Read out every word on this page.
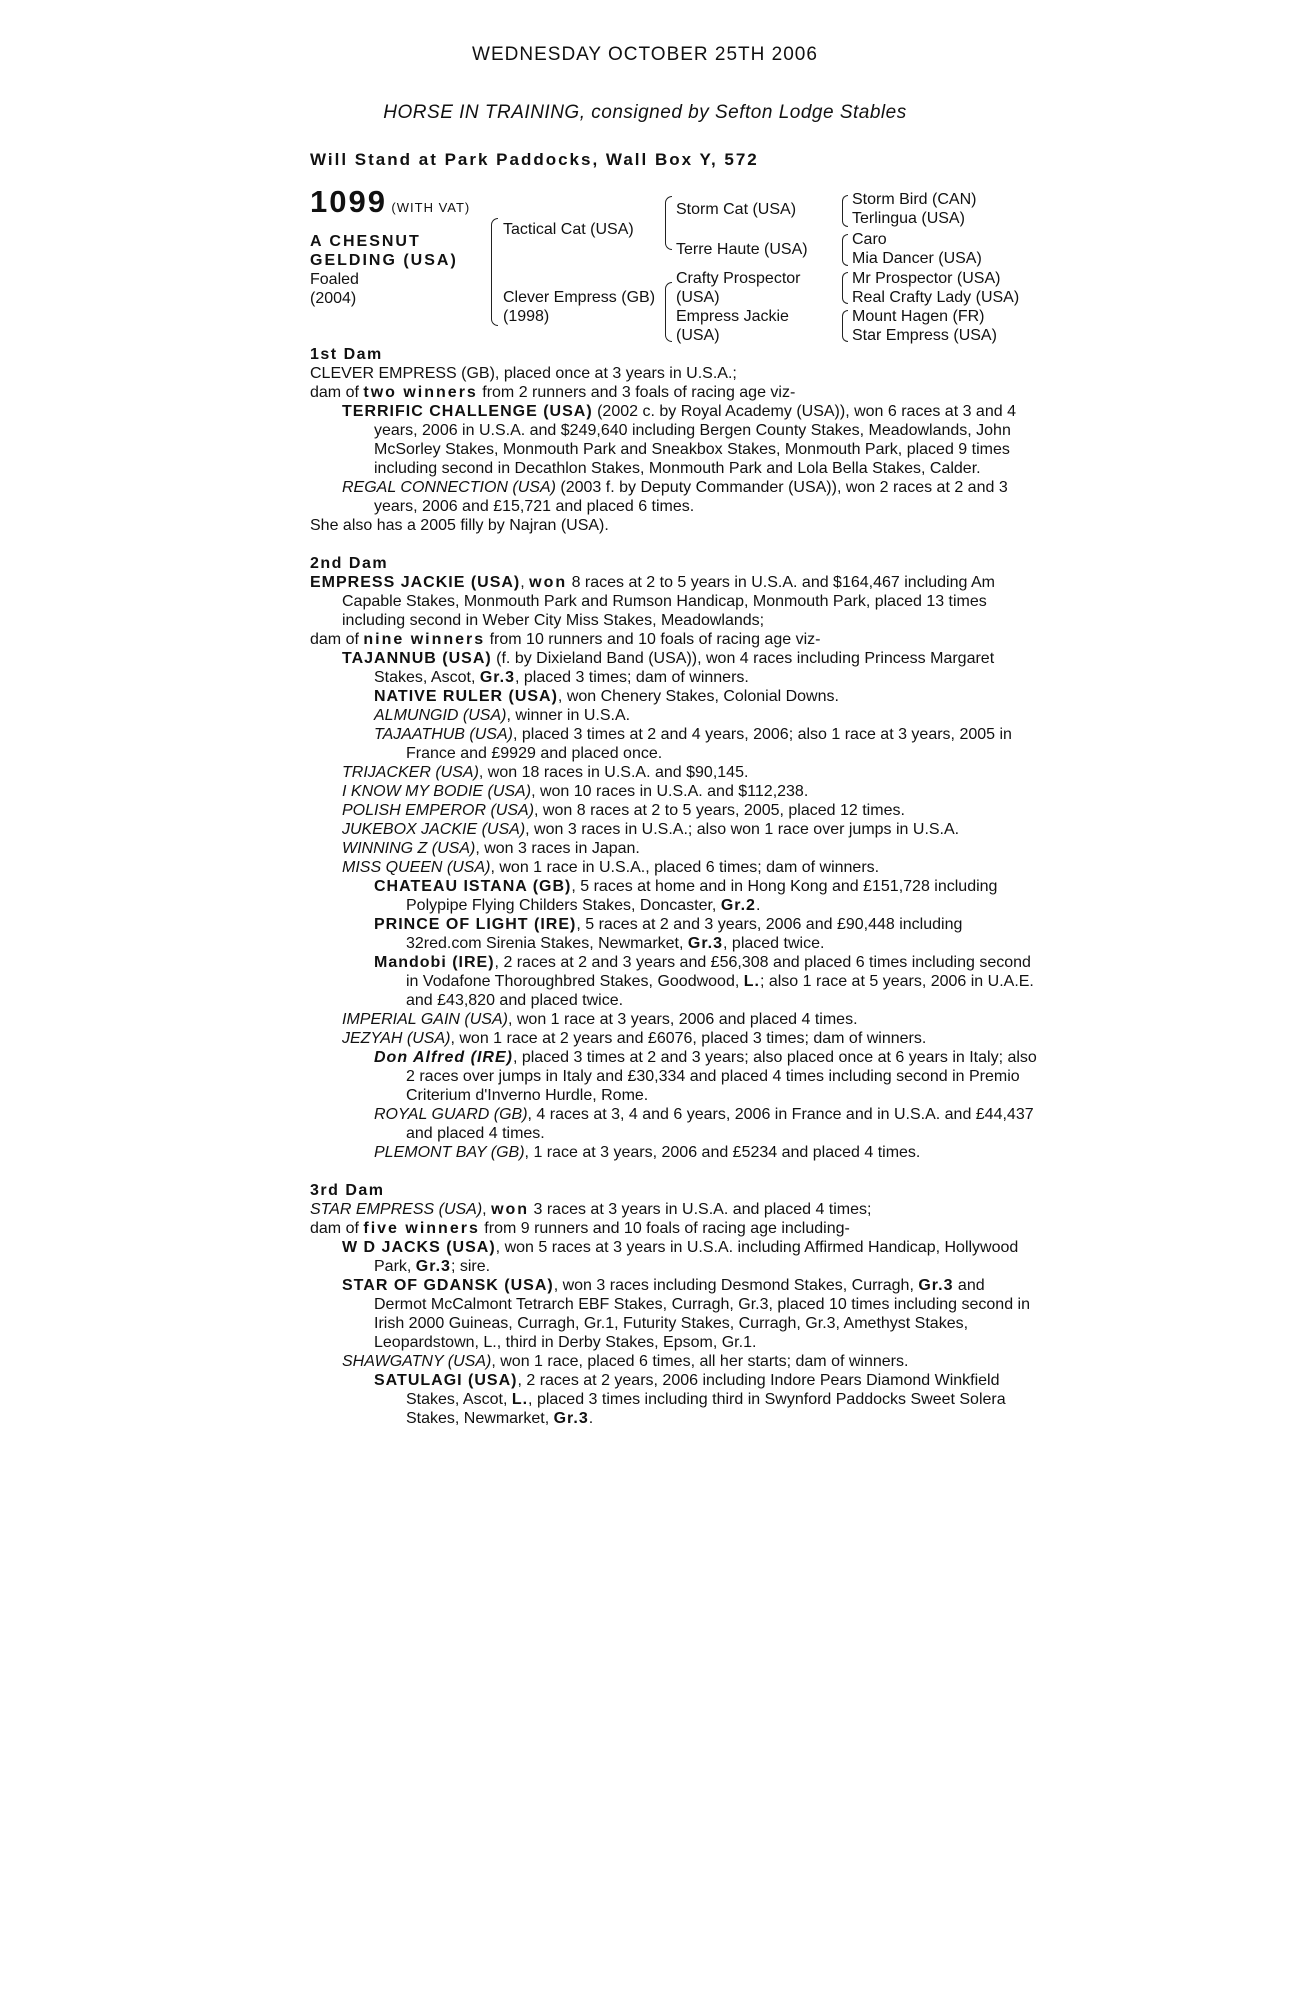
WEDNESDAY OCTOBER 25TH 2006
HORSE IN TRAINING, consigned by Sefton Lodge Stables
Will Stand at Park Paddocks, Wall Box Y, 572
1099 (WITH VAT)
A CHESNUT
GELDING (USA)
Foaled
(2004)
Tactical Cat (USA)
Clever Empress (GB)
(1998)
Storm Cat (USA)
Terre Haute (USA)
Crafty Prospector
(USA)
Empress Jackie
(USA)
Storm Bird (CAN)
Terlingua (USA)
Caro
Mia Dancer (USA)
Mr Prospector (USA)
Real Crafty Lady (USA)
Mount Hagen (FR)
Star Empress (USA)

1st Dam

CLEVER EMPRESS (GB), placed once at 3 years in U.S.A.;

dam of two winners from 2 runners and 3 foals of racing age viz-

TERRIFIC CHALLENGE (USA) (2002 c. by Royal Academy (USA)), won 6 races at 3 and 4 years, 2006 in U.S.A. and $249,640 including Bergen County Stakes, Meadowlands, John McSorley Stakes, Monmouth Park and Sneakbox Stakes, Monmouth Park, placed 9 times including second in Decathlon Stakes, Monmouth Park and Lola Bella Stakes, Calder.

REGAL CONNECTION (USA) (2003 f. by Deputy Commander (USA)), won 2 races at 2 and 3 years, 2006 and £15,721 and placed 6 times.

She also has a 2005 filly by Najran (USA).

2nd Dam

EMPRESS JACKIE (USA), won 8 races at 2 to 5 years in U.S.A. and $164,467 including Am Capable Stakes, Monmouth Park and Rumson Handicap, Monmouth Park, placed 13 times including second in Weber City Miss Stakes, Meadowlands;

dam of nine winners from 10 runners and 10 foals of racing age viz-

TAJANNUB (USA) (f. by Dixieland Band (USA)), won 4 races including Princess Margaret Stakes, Ascot, Gr.3, placed 3 times; dam of winners.

NATIVE RULER (USA), won Chenery Stakes, Colonial Downs.

ALMUNGID (USA), winner in U.S.A.

TAJAATHUB (USA), placed 3 times at 2 and 4 years, 2006; also 1 race at 3 years, 2005 in France and £9929 and placed once.

TRIJACKER (USA), won 18 races in U.S.A. and $90,145.

I KNOW MY BODIE (USA), won 10 races in U.S.A. and $112,238.

POLISH EMPEROR (USA), won 8 races at 2 to 5 years, 2005, placed 12 times.

JUKEBOX JACKIE (USA), won 3 races in U.S.A.; also won 1 race over jumps in U.S.A.

WINNING Z (USA), won 3 races in Japan.

MISS QUEEN (USA), won 1 race in U.S.A., placed 6 times; dam of winners.

CHATEAU ISTANA (GB), 5 races at home and in Hong Kong and £151,728 including Polypipe Flying Childers Stakes, Doncaster, Gr.2.

PRINCE OF LIGHT (IRE), 5 races at 2 and 3 years, 2006 and £90,448 including 32red.com Sirenia Stakes, Newmarket, Gr.3, placed twice.

Mandobi (IRE), 2 races at 2 and 3 years and £56,308 and placed 6 times including second in Vodafone Thoroughbred Stakes, Goodwood, L.; also 1 race at 5 years, 2006 in U.A.E. and £43,820 and placed twice.

IMPERIAL GAIN (USA), won 1 race at 3 years, 2006 and placed 4 times.

JEZYAH (USA), won 1 race at 2 years and £6076, placed 3 times; dam of winners.

Don Alfred (IRE), placed 3 times at 2 and 3 years; also placed once at 6 years in Italy; also 2 races over jumps in Italy and £30,334 and placed 4 times including second in Premio Criterium d'Inverno Hurdle, Rome.

ROYAL GUARD (GB), 4 races at 3, 4 and 6 years, 2006 in France and in U.S.A. and £44,437 and placed 4 times.

PLEMONT BAY (GB), 1 race at 3 years, 2006 and £5234 and placed 4 times.

3rd Dam

STAR EMPRESS (USA), won 3 races at 3 years in U.S.A. and placed 4 times;

dam of five winners from 9 runners and 10 foals of racing age including-

W D JACKS (USA), won 5 races at 3 years in U.S.A. including Affirmed Handicap, Hollywood Park, Gr.3; sire.

STAR OF GDANSK (USA), won 3 races including Desmond Stakes, Curragh, Gr.3 and Dermot McCalmont Tetrarch EBF Stakes, Curragh, Gr.3, placed 10 times including second in Irish 2000 Guineas, Curragh, Gr.1, Futurity Stakes, Curragh, Gr.3, Amethyst Stakes, Leopardstown, L., third in Derby Stakes, Epsom, Gr.1.

SHAWGATNY (USA), won 1 race, placed 6 times, all her starts; dam of winners.

SATULAGI (USA), 2 races at 2 years, 2006 including Indore Pears Diamond Winkfield Stakes, Ascot, L., placed 3 times including third in Swynford Paddocks Sweet Solera Stakes, Newmarket, Gr.3.
